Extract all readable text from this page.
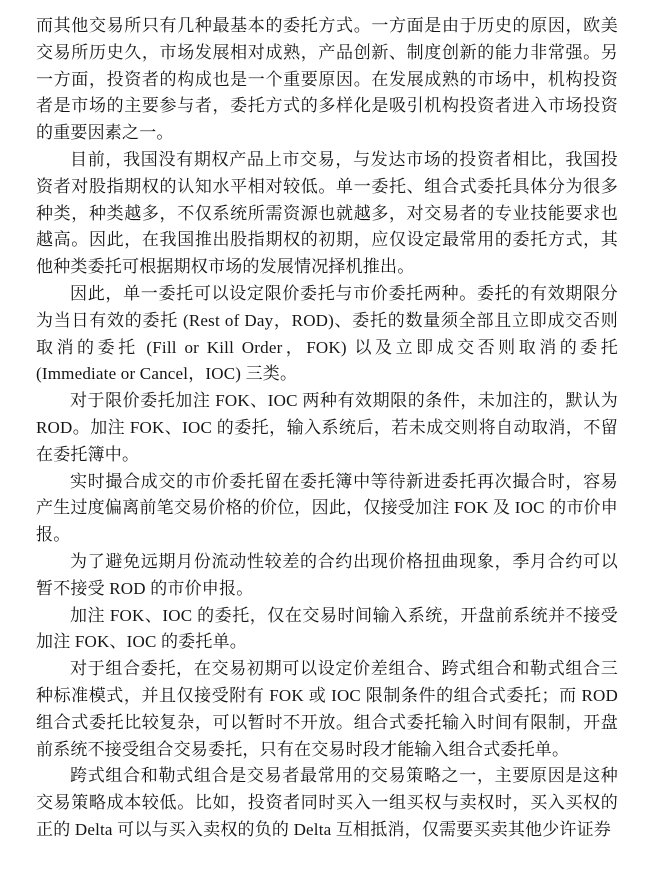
而其他交易所只有几种最基本的委托方式。一方面是由于历史的原因，欧美交易所历史久，市场发展相对成熟，产品创新、制度创新的能力非常强。另一方面，投资者的构成也是一个重要原因。在发展成熟的市场中，机构投资者是市场的主要参与者，委托方式的多样化是吸引机构投资者进入市场投资的重要因素之一。

目前，我国没有期权产品上市交易，与发达市场的投资者相比，我国投资者对股指期权的认知水平相对较低。单一委托、组合式委托具体分为很多种类，种类越多，不仅系统所需资源也就越多，对交易者的专业技能要求也越高。因此，在我国推出股指期权的初期，应仅设定最常用的委托方式，其他种类委托可根据期权市场的发展情况择机推出。

因此，单一委托可以设定限价委托与市价委托两种。委托的有效期限分为当日有效的委托 (Rest of Day，ROD)、委托的数量须全部且立即成交否则取消的委托 (Fill or Kill Order，FOK) 以及立即成交否则取消的委托 (Immediate or Cancel，IOC) 三类。

对于限价委托加注 FOK、IOC 两种有效期限的条件，未加注的，默认为 ROD。加注 FOK、IOC 的委托，输入系统后，若未成交则将自动取消，不留在委托簿中。

实时撮合成交的市价委托留在委托簿中等待新进委托再次撮合时，容易产生过度偏离前笔交易价格的价位，因此，仅接受加注 FOK 及 IOC 的市价申报。

为了避免远期月份流动性较差的合约出现价格扭曲现象，季月合约可以暂不接受 ROD 的市价申报。

加注 FOK、IOC 的委托，仅在交易时间输入系统，开盘前系统并不接受加注 FOK、IOC 的委托单。

对于组合委托，在交易初期可以设定价差组合、跨式组合和勒式组合三种标准模式，并且仅接受附有 FOK 或 IOC 限制条件的组合式委托；而 ROD 组合式委托比较复杂，可以暂时不开放。组合式委托输入时间有限制，开盘前系统不接受组合交易委托，只有在交易时段才能输入组合式委托单。

跨式组合和勒式组合是交易者最常用的交易策略之一，主要原因是这种交易策略成本较低。比如，投资者同时买入一组买权与卖权时，买入买权的正的 Delta 可以与买入卖权的负的 Delta 互相抵消，仅需要买卖其他少许证券
